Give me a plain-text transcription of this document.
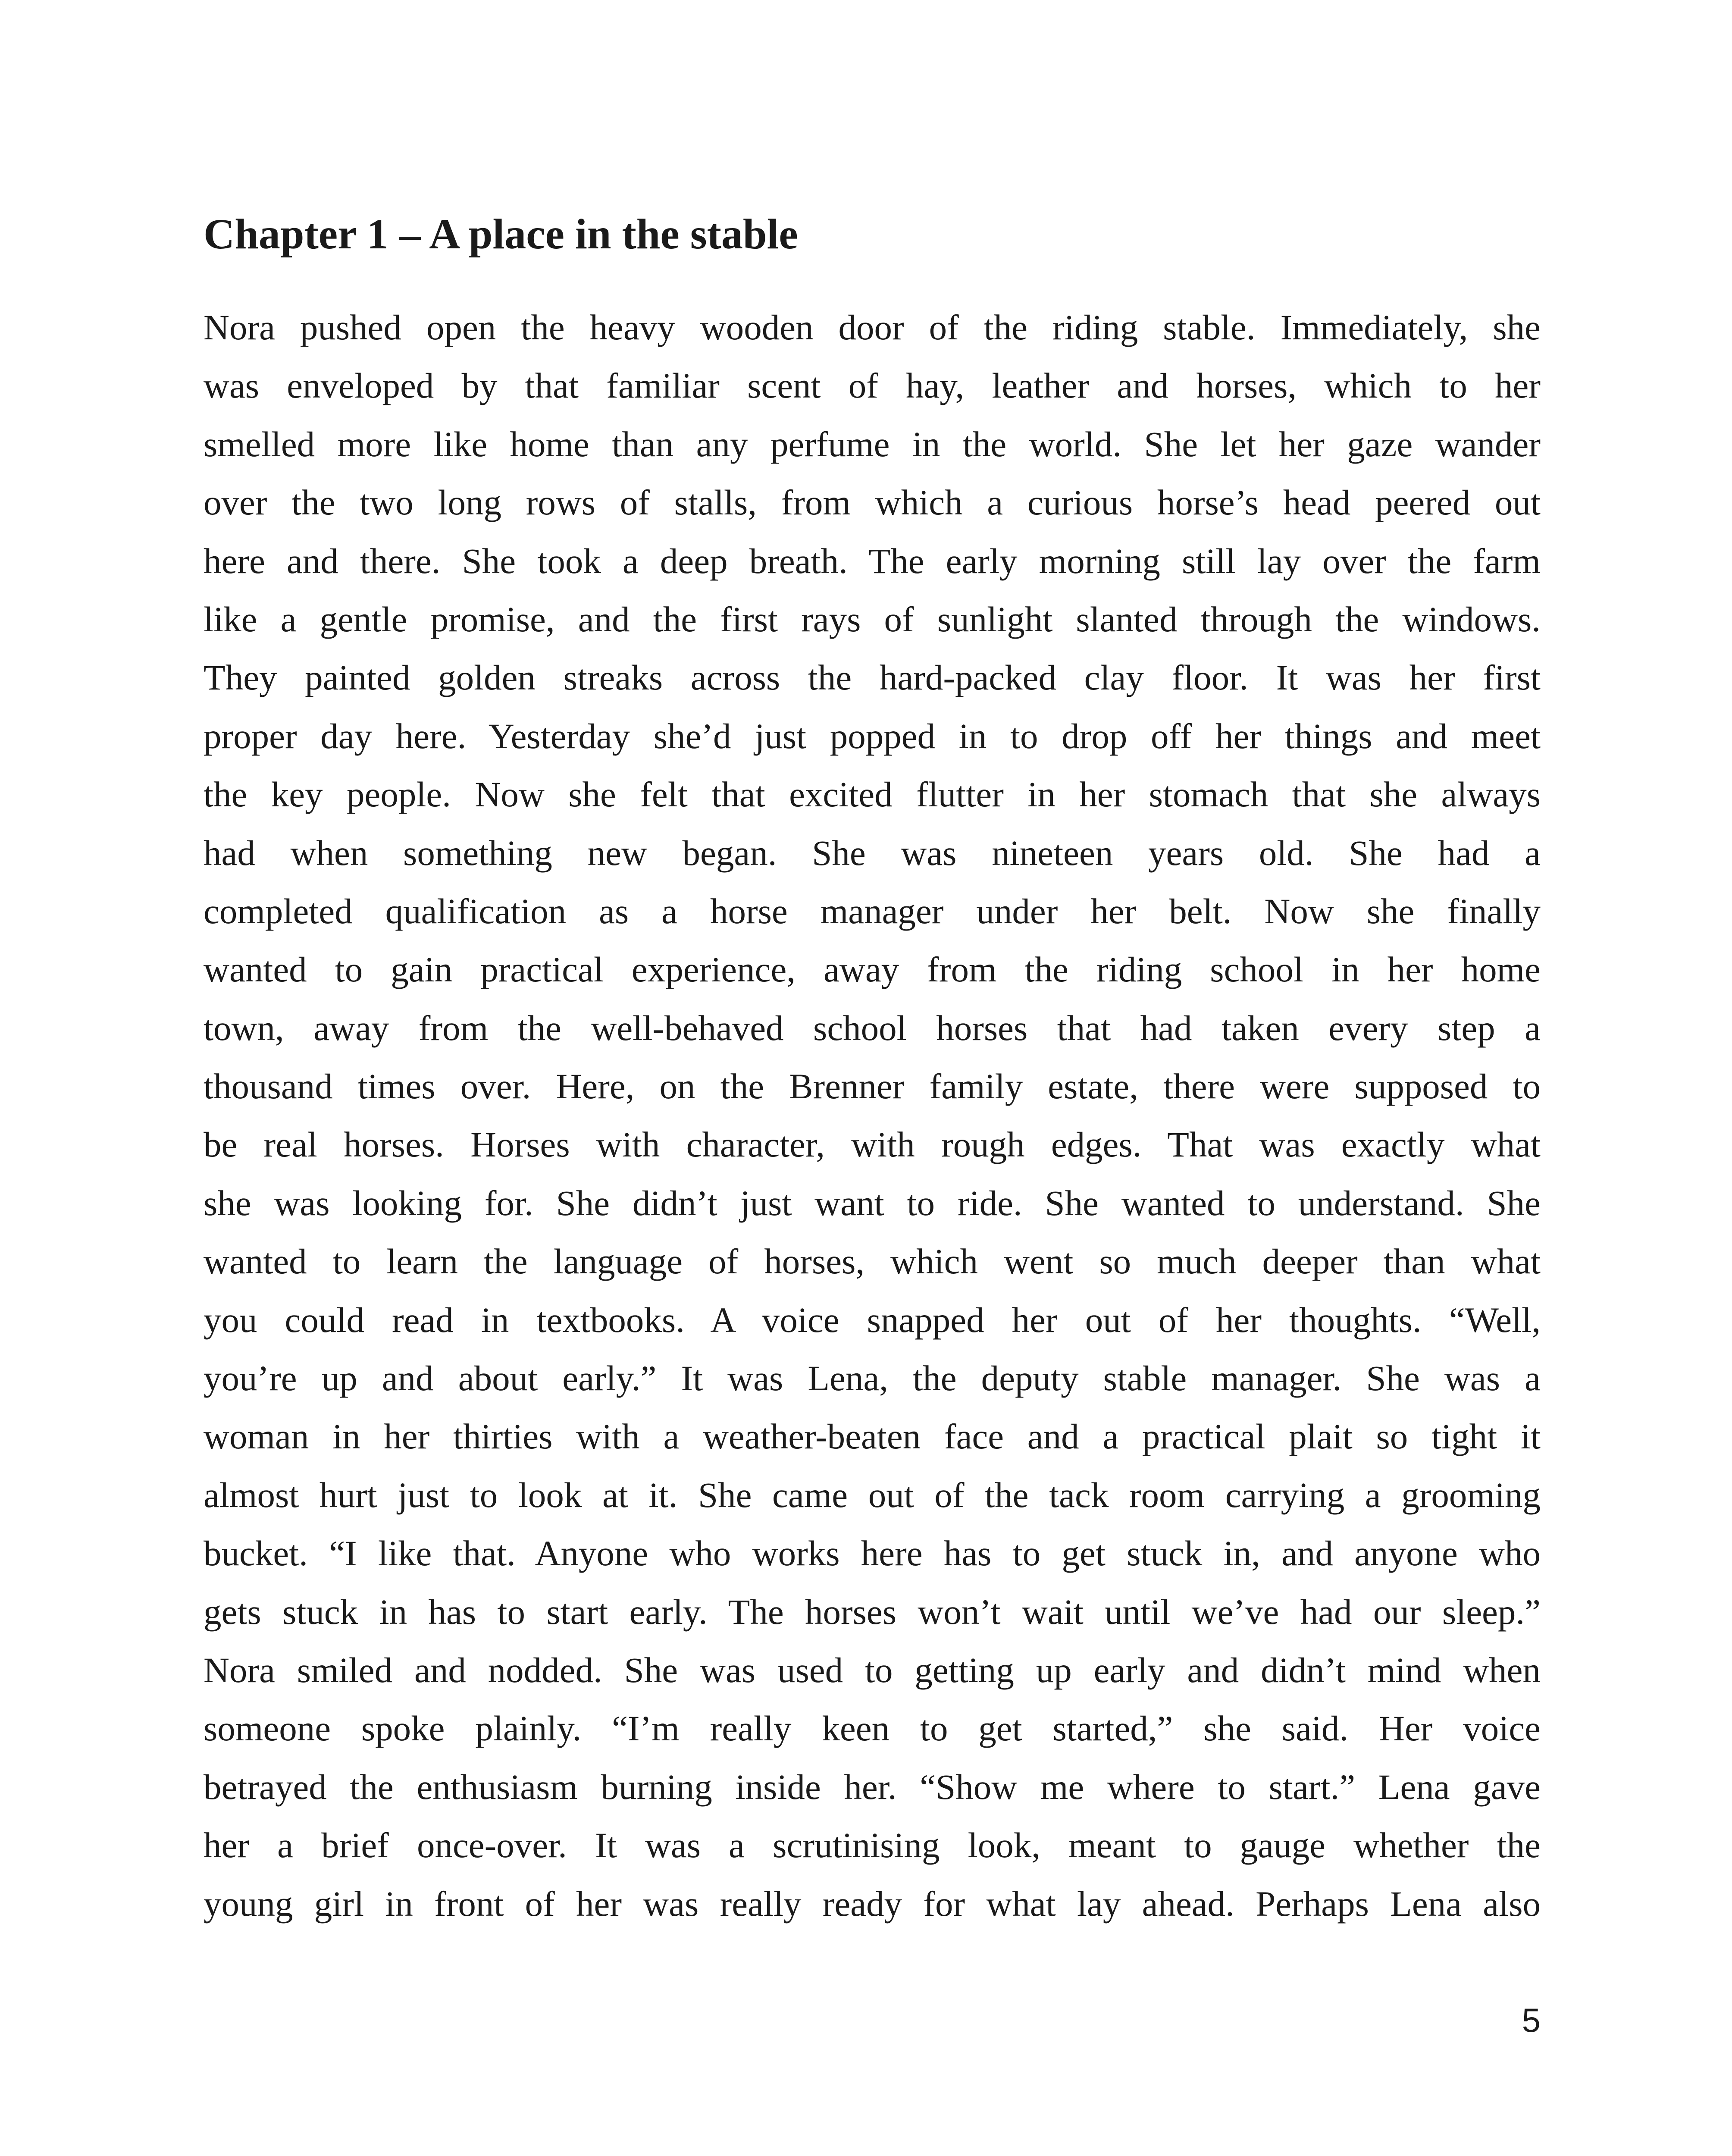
Chapter 1 – A place in the stable
Nora pushed open the heavy wooden door of the riding stable. Immediately, she
was enveloped by that familiar scent of hay, leather and horses, which to her
smelled more like home than any perfume in the world. She let her gaze wander
over the two long rows of stalls, from which a curious horse’s head peered out
here and there. She took a deep breath. The early morning still lay over the farm
like a gentle promise, and the first rays of sunlight slanted through the windows.
They painted golden streaks across the hard-packed clay floor. It was her first
proper day here. Yesterday she’d just popped in to drop off her things and meet
the key people. Now she felt that excited flutter in her stomach that she always
had when something new began. She was nineteen years old. She had a
completed qualification as a horse manager under her belt. Now she finally
wanted to gain practical experience, away from the riding school in her home
town, away from the well-behaved school horses that had taken every step a
thousand times over. Here, on the Brenner family estate, there were supposed to
be real horses. Horses with character, with rough edges. That was exactly what
she was looking for. She didn’t just want to ride. She wanted to understand. She
wanted to learn the language of horses, which went so much deeper than what
you could read in textbooks. A voice snapped her out of her thoughts. “Well,
you’re up and about early.” It was Lena, the deputy stable manager. She was a
woman in her thirties with a weather-beaten face and a practical plait so tight it
almost hurt just to look at it. She came out of the tack room carrying a grooming
bucket. “I like that. Anyone who works here has to get stuck in, and anyone who
gets stuck in has to start early. The horses won’t wait until we’ve had our sleep.”
Nora smiled and nodded. She was used to getting up early and didn’t mind when
someone spoke plainly. “I’m really keen to get started,” she said. Her voice
betrayed the enthusiasm burning inside her. “Show me where to start.” Lena gave
her a brief once-over. It was a scrutinising look, meant to gauge whether the
young girl in front of her was really ready for what lay ahead. Perhaps Lena also
5
